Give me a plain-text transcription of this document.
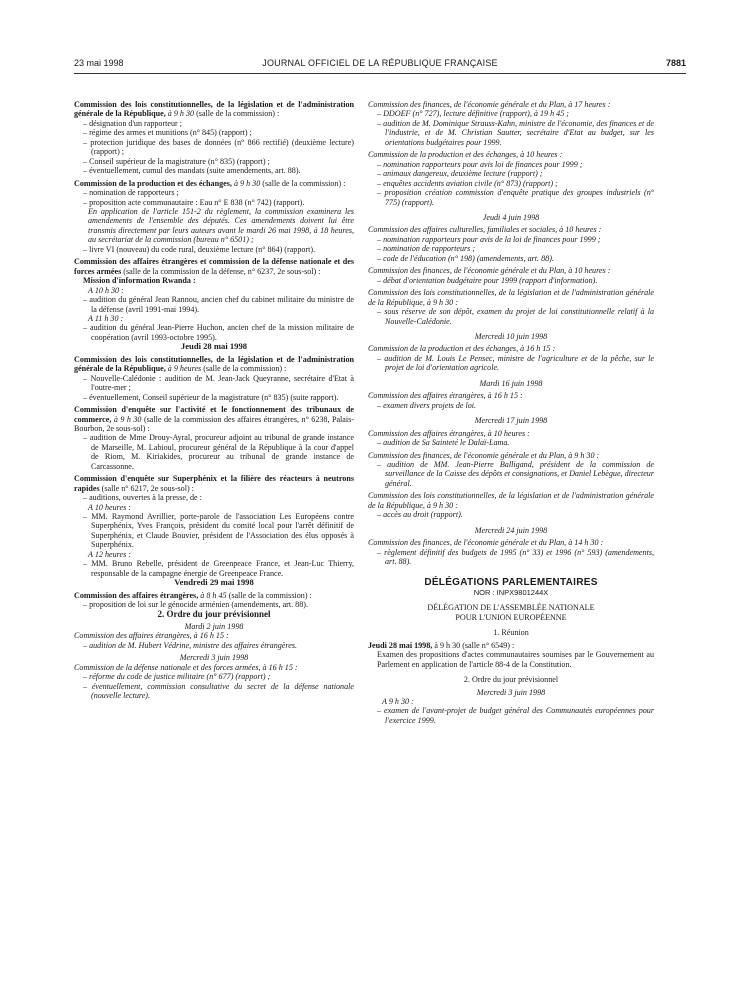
23 mai 1998	JOURNAL OFFICIEL DE LA RÉPUBLIQUE FRANÇAISE	7881

Commission des lois constitutionnelles, de la législation et de l'administration générale de la République, à 9 h 30 (salle de la commission) :

– désignation d'un rapporteur ;

– régime des armes et munitions (n° 845) (rapport) ;

– protection juridique des bases de données (n° 866 rectifié) (deuxième lecture) (rapport) ;

– Conseil supérieur de la magistrature (n° 835) (rapport) ;

– éventuellement, cumul des mandats (suite amendements, art. 88).

Commission de la production et des échanges, à 9 h 30 (salle de la commission) :

– nomination de rapporteurs ;

– proposition acte communautaire : Eau n° E 838 (n° 742) (rapport).

En application de l'article 151-2 du règlement, la commission examinera les amendements de l'ensemble des députés. Ces amendements doivent lui être transmis directement par leurs auteurs avant le mardi 26 mai 1998, à 18 heures, au secrétariat de la commission (bureau n° 6501) ;

– livre VI (nouveau) du code rural, deuxième lecture (n° 864) (rapport).

Commission des affaires étrangères et commission de la défense nationale et des forces armées (salle de la commission de la défense, n° 6237, 2e sous-sol) :

Mission d'information Rwanda :

A 10 h 30 :

– audition du général Jean Rannou, ancien chef du cabinet militaire du ministre de la défense (avril 1991-mai 1994).

A 11 h 30 :

– audition du général Jean-Pierre Huchon, ancien chef de la mission militaire de coopération (avril 1993-octobre 1995).

Jeudi 28 mai 1998

Commission des lois constitutionnelles, de la législation et de l'administration générale de la République, à 9 heures (salle de la commission) :

– Nouvelle-Calédonie : audition de M. Jean-Jack Queyranne, secrétaire d'Etat à l'outre-mer ;

– éventuellement, Conseil supérieur de la magistrature (n° 835) (suite rapport).

Commission d'enquête sur l'activité et le fonctionnement des tribunaux de commerce, à 9 h 30 (salle de la commission des affaires étrangères, n° 6238, Palais-Bourbon, 2e sous-sol) :

– audition de Mme Drouy-Ayral, procureur adjoint au tribunal de grande instance de Marseille, M. Labioul, procureur général de la République à la cour d'appel de Riom, M. Kiriakides, procureur au tribunal de grande instance de Carcassonne.

Commission d'enquête sur Superphénix et la filière des réacteurs à neutrons rapides (salle n° 6217, 2e sous-sol) :

– auditions, ouvertes à la presse, de :

A 10 heures :

– MM. Raymond Avrillier, porte-parole de l'association Les Européens contre Superphénix, Yves François, président du comité local pour l'arrêt définitif de Superphénix, et Claude Bouvier, président de l'Association des élus opposés à Superphénix.

A 12 heures :

– MM. Bruno Rebelle, président de Greenpeace France, et Jean-Luc Thierry, responsable de la campagne énergie de Greenpeace France.

Vendredi 29 mai 1998

Commission des affaires étrangères, à 8 h 45 (salle de la commission) :

– proposition de loi sur le génocide arménien (amendements, art. 88).

2. Ordre du jour prévisionnel

Mardi 2 juin 1998

Commission des affaires étrangères, à 16 h 15 :

– audition de M. Hubert Védrine, ministre des affaires étrangères.

Mercredi 3 juin 1998

Commission de la défense nationale et des forces armées, à 16 h 15 :

– réforme du code de justice militaire (n° 677) (rapport) ;

– éventuellement, commission consultative du secret de la défense nationale (nouvelle lecture).

Commission des finances, de l'économie générale et du Plan, à 17 heures :

– DDOEF (n° 727), lecture définitive (rapport), à 19 h 45 ;

– audition de M. Dominique Strauss-Kahn, ministre de l'économie, des finances et de l'industrie, et de M. Christian Sautter, secrétaire d'Etat au budget, sur les orientations budgétaires pour 1999.

Commission de la production et des échanges, à 10 heures :

– nomination rapporteurs pour avis loi de finances pour 1999 ;

– animaux dangereux, deuxième lecture (rapport) ;

– enquêtes accidents aviation civile (n° 873) (rapport) ;

– proposition création commission d'enquête pratique des groupes industriels (n° 775) (rapport).

Jeudi 4 juin 1998

Commission des affaires culturelles, familiales et sociales, à 10 heures :

– nomination rapporteurs pour avis de la loi de finances pour 1999 ;

– nomination de rapporteurs ;

– code de l'éducation (n° 198) (amendements, art. 88).

Commission des finances, de l'économie générale et du Plan, à 10 heures :

– débat d'orientation budgétaire pour 1999 (rapport d'information).

Commission des lois constitutionnelles, de la législation et de l'administration générale de la République, à 9 h 30 :

– sous réserve de son dépôt, examen du projet de loi constitutionnelle relatif à la Nouvelle-Calédonie.

Mercredi 10 juin 1998

Commission de la production et des échanges, à 16 h 15 :

– audition de M. Louis Le Pensec, ministre de l'agriculture et de la pêche, sur le projet de loi d'orientation agricole.

Mardi 16 juin 1998

Commission des affaires étrangères, à 16 h 15 :

– examen divers projets de loi.

Mercredi 17 juin 1998

Commission des affaires étrangères, à 10 heures :

– audition de Sa Sainteté le Dalaï-Lama.

Commission des finances, de l'économie générale et du Plan, à 9 h 30 :

– audition de MM. Jean-Pierre Balligand, président de la commission de surveillance de la Caisse des dépôts et consignations, et Daniel Lebègue, directeur général.

Commission des lois constitutionnelles, de la législation et de l'administration générale de la République, à 9 h 30 :

– accès au droit (rapport).

Mercredi 24 juin 1998

Commission des finances, de l'économie générale et du Plan, à 14 h 30 :

– règlement définitif des budgets de 1995 (n° 33) et 1996 (n° 593) (amendements, art. 88).

DÉLÉGATIONS PARLEMENTAIRES

NOR : INPX9801244X

DÉLÉGATION DE L'ASSEMBLÉE NATIONALE

POUR L'UNION EUROPÉENNE

1. Réunion

Jeudi 28 mai 1998, à 9 h 30 (salle n° 6549) :

Examen des propositions d'actes communautaires soumises par le Gouvernement au Parlement en application de l'article 88-4 de la Constitution.

2. Ordre du jour prévisionnel

Mercredi 3 juin 1998

A 9 h 30 :

– examen de l'avant-projet de budget général des Communautés européennes pour l'exercice 1999.
